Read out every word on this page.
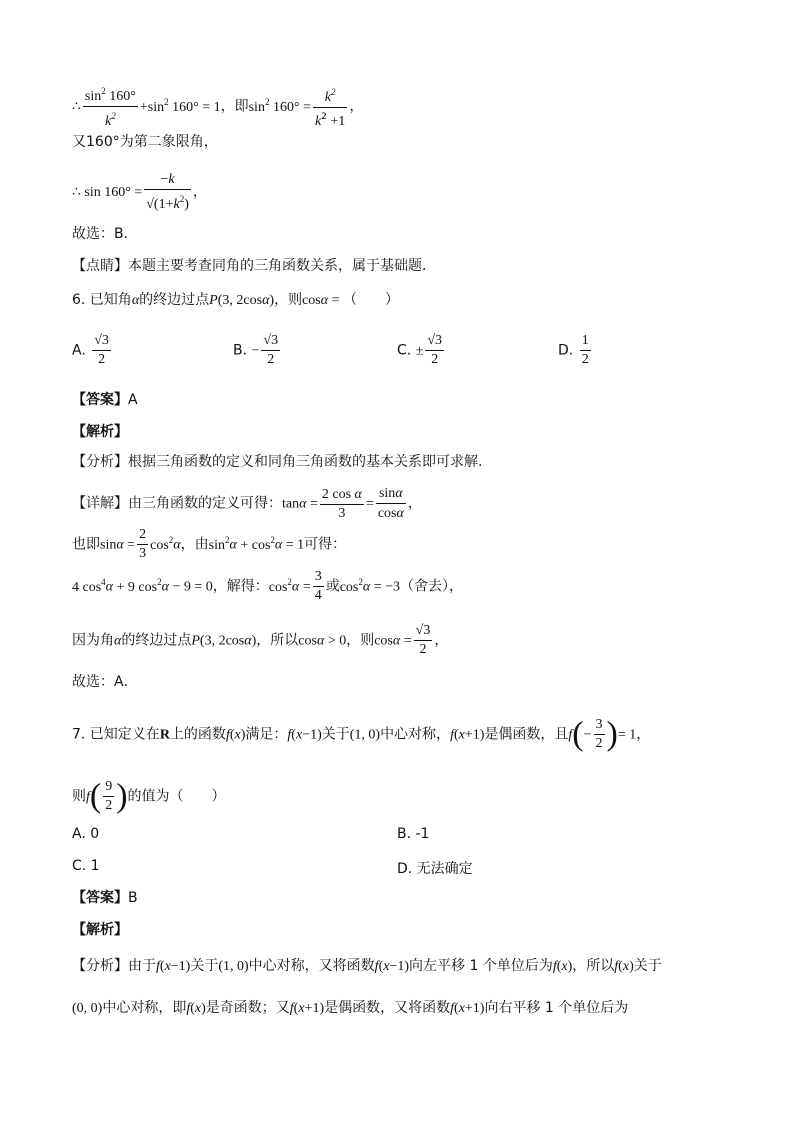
∴ $\frac{\sin^2 160^\circ}{k^2} +\sin^2$ 160° = 1，即$\sin^2 160^\circ = \frac{k^2}{k^2 +1}$ ，
又160°为第二象限角，
∴ $\sin 160^\circ = \frac{-k}{√(1+k^2)}$ ，
故选：B．
【点睛】本题主要考查同角的三角函数关系，属于基础题．
6. 已知角α的终边过点P(3, 2cosα)，则cosα = （　　）
A. $\frac{√3}{2}$	B. − $\frac{√3}{2}$	C. ± $\frac{√3}{2}$	D. $\frac{1}{2}$
【答案】A
【解析】
【分析】根据三角函数的定义和同角三角函数的基本关系即可求解.
【详解】由三角函数的定义可得：$\tan\alpha = \frac{\text{2 cos α}}{3} = \frac{\sin\alpha}{\cos\alpha}$ ，
也即$\sin\alpha = \frac{2}{3} \cos^2\alpha$，由$\sin^2\alpha + \cos^2\alpha = 1$可得：
4 $\cos^4\alpha + 9$ $\cos^2\alpha - 9 = 0$，解得：$\cos^2\alpha = \frac{3}{4}$ 或$\cos^2\alpha = -3$（舍去），
因为角α的终边过点P(3, 2cosα)，所以cosα > 0，则$\cos\alpha = \frac{√3}{2}$ ，
故选：A．
7. 已知定义在R上的函数f(x)满足：f(x−1)关于(1, 0)中心对称，f(x+1)是偶函数，且$f(- \frac{3}{2}$ )= 1，
则$f( \frac{9}{2}$ )的值为（　　）
A. 0	B. -1
C. 1	D. 无法确定
【答案】B
【解析】
【分析】由于f(x−1)关于(1, 0)中心对称，又将函数f(x−1)向左平移 1 个单位后为f(x)，所以f(x)关于
(0, 0)中心对称，即f(x)是奇函数；又f(x+1)是偶函数，又将函数f(x+1)向右平移 1 个单位后为
